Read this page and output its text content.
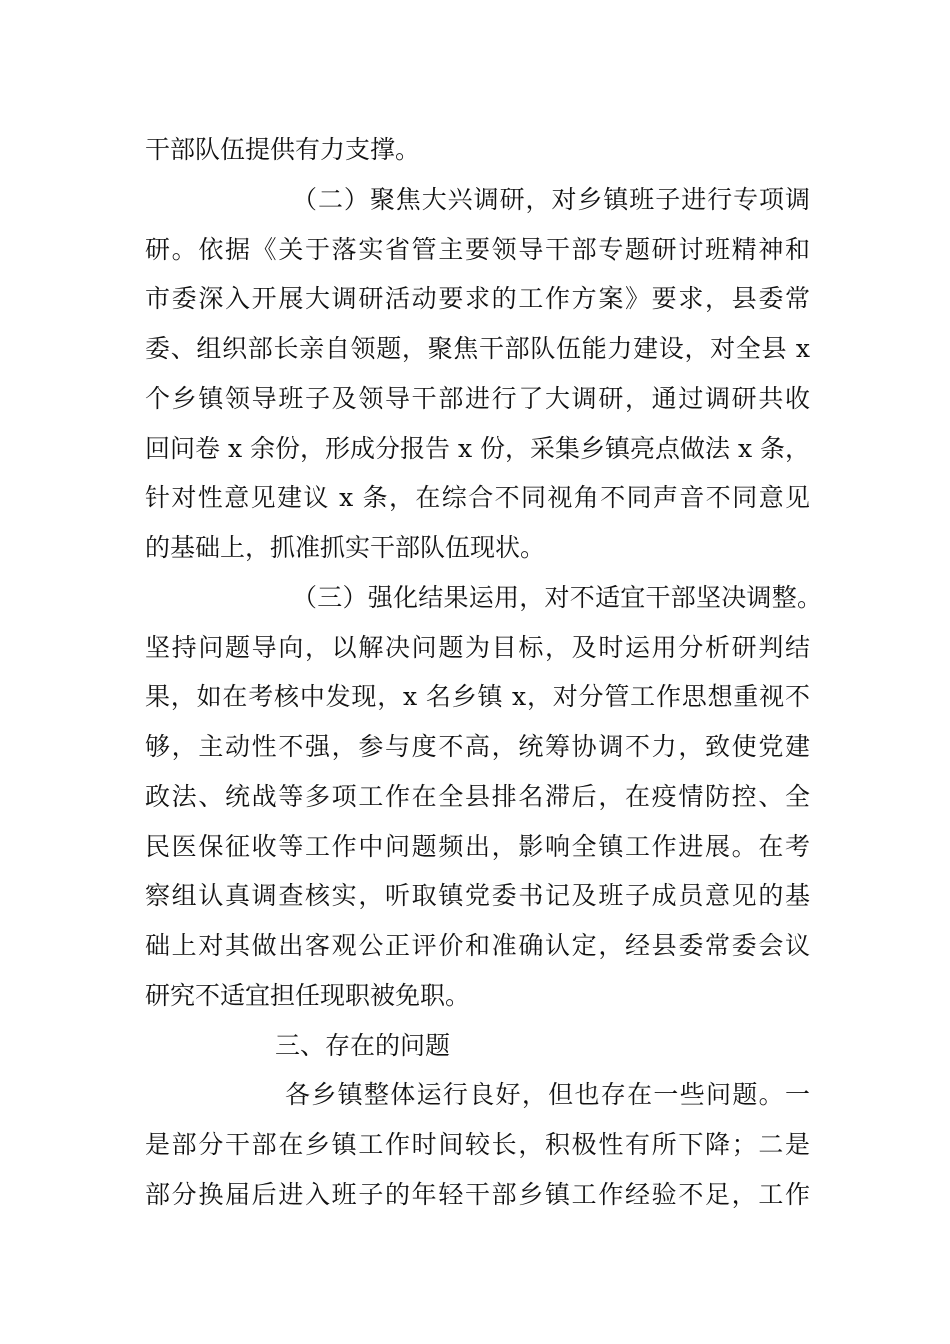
干部队伍提供有力支撑。
（二）聚焦大兴调研，对乡镇班子进行专项调
研。依据《关于落实省管主要领导干部专题研讨班精神和
市委深入开展大调研活动要求的工作方案》要求，县委常
委、组织部长亲自领题，聚焦干部队伍能力建设，对全县 x
个乡镇领导班子及领导干部进行了大调研，通过调研共收
回问卷 x 余份，形成分报告 x 份，采集乡镇亮点做法 x 条，
针对性意见建议 x 条，在综合不同视角不同声音不同意见
的基础上，抓准抓实干部队伍现状。
（三）强化结果运用，对不适宜干部坚决调整。
坚持问题导向，以解决问题为目标，及时运用分析研判结
果，如在考核中发现，x 名乡镇 x，对分管工作思想重视不
够，主动性不强，参与度不高，统筹协调不力，致使党建
政法、统战等多项工作在全县排名滞后，在疫情防控、全
民医保征收等工作中问题频出，影响全镇工作进展。在考
察组认真调查核实，听取镇党委书记及班子成员意见的基
础上对其做出客观公正评价和准确认定，经县委常委会议
研究不适宜担任现职被免职。
三、存在的问题
各乡镇整体运行良好，但也存在一些问题。一
是部分干部在乡镇工作时间较长，积极性有所下降；二是
部分换届后进入班子的年轻干部乡镇工作经验不足，工作
